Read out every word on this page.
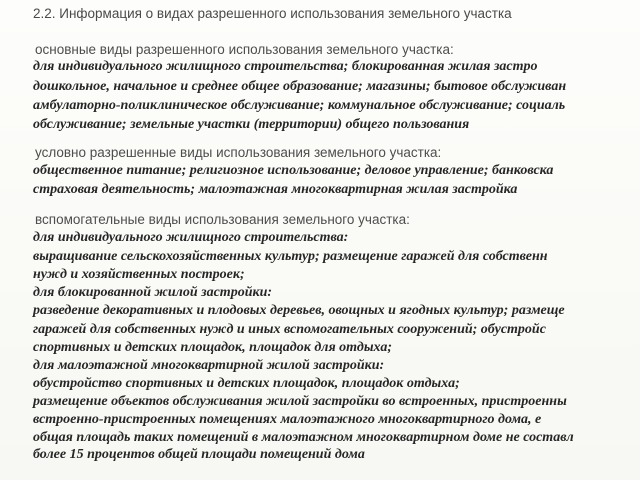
2.2. Информация о видах разрешенного использования земельного участка
основные виды разрешенного использования земельного участка:
для индивидуального жилищного строительства; блокированная жилая застро
дошкольное, начальное и среднее общее образование; магазины; бытовое обслуживан
амбулаторно-поликлиническое обслуживание; коммунальное обслуживание; социаль
обслуживание; земельные участки (территории) общего пользования
условно разрешенные виды использования земельного участка:
общественное питание; религиозное использование; деловое управление; банковска
страховая деятельность; малоэтажная многоквартирная жилая застройка
вспомогательные виды использования земельного участка:
для индивидуального жилищного строительства:
выращивание сельскохозяйственных культур; размещение гаражей для собственн
нужд и хозяйственных построек;
для блокированной жилой застройки:
разведение декоративных и плодовых деревьев, овощных и ягодных культур; размеще
гаражей для собственных нужд и иных вспомогательных сооружений; обустройс
спортивных и детских площадок, площадок для отдыха;
для малоэтажной многоквартирной жилой застройки:
обустройство спортивных и детских площадок, площадок отдыха;
размещение объектов обслуживания жилой застройки во встроенных, пристроенны
встроенно-пристроенных помещениях малоэтажного многоквартирного дома, е
общая площадь таких помещений в малоэтажном многоквартирном доме не составл
более 15 процентов общей площади помещений дома
